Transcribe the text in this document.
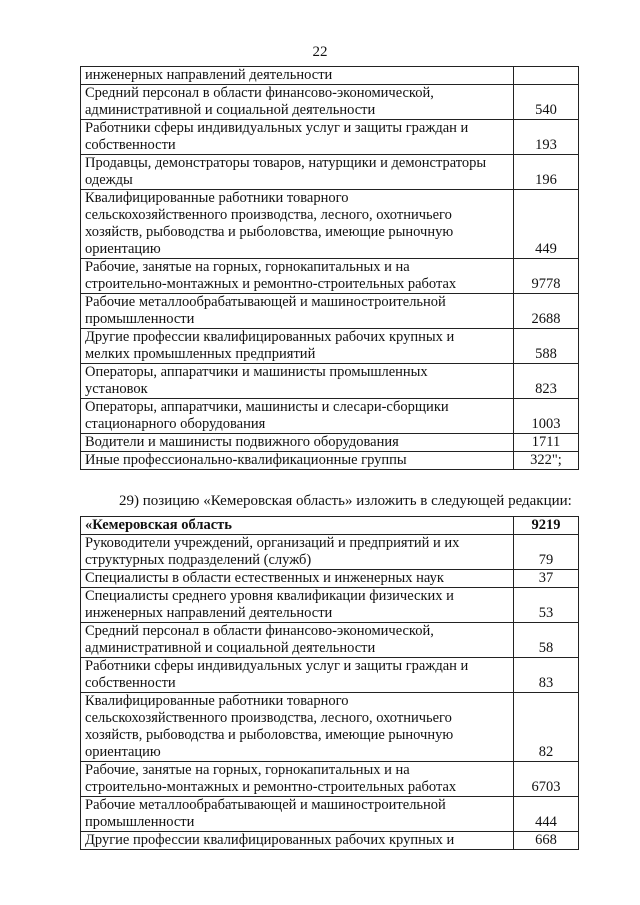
22
инженерных направлений деятельности	
Средний персонал в области финансово-экономической,
административной и социальной деятельности	540
Работники сферы индивидуальных услуг и защиты граждан и
собственности	193
Продавцы, демонстраторы товаров, натурщики и демонстраторы
одежды	196
Квалифицированные работники товарного
сельскохозяйственного производства, лесного, охотничьего
хозяйств, рыбоводства и рыболовства, имеющие рыночную
ориентацию	449
Рабочие, занятые на горных, горнокапитальных и на
строительно-монтажных и ремонтно-строительных работах	9778
Рабочие металлообрабатывающей и машиностроительной
промышленности	2688
Другие профессии квалифицированных рабочих крупных и
мелких промышленных предприятий	588
Операторы, аппаратчики и машинисты промышленных
установок	823
Операторы, аппаратчики, машинисты и слесари-сборщики
стационарного оборудования	1003
Водители и машинисты подвижного оборудования	1711
Иные профессионально-квалификационные группы	322";
29) позицию «Кемеровская область» изложить в следующей редакции:
«Кемеровская область	9219
Руководители учреждений, организаций и предприятий и их
структурных подразделений (служб)	79
Специалисты в области естественных и инженерных наук	37
Специалисты среднего уровня квалификации физических и
инженерных направлений деятельности	53
Средний персонал в области финансово-экономической,
административной и социальной деятельности	58
Работники сферы индивидуальных услуг и защиты граждан и
собственности	83
Квалифицированные работники товарного
сельскохозяйственного производства, лесного, охотничьего
хозяйств, рыбоводства и рыболовства, имеющие рыночную
ориентацию	82
Рабочие, занятые на горных, горнокапитальных и на
строительно-монтажных и ремонтно-строительных работах	6703
Рабочие металлообрабатывающей и машиностроительной
промышленности	444
Другие профессии квалифицированных рабочих крупных и	668
